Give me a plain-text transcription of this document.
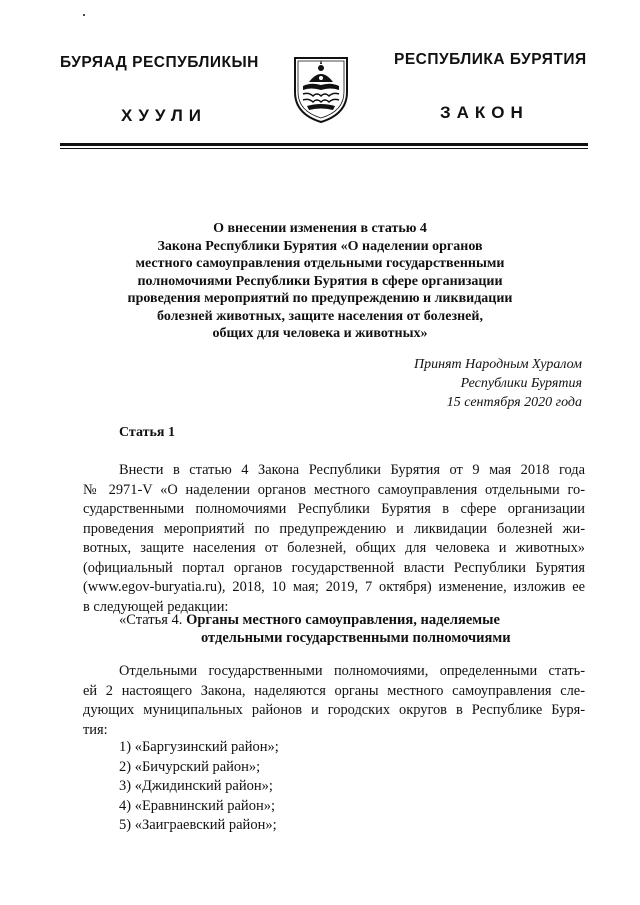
БУРЯАД РЕСПУБЛИКЫН
ХУУЛИ
РЕСПУБЛИКА БУРЯТИЯ
ЗАКОН
О внесении изменения в статью 4
Закона Республики Бурятия «О наделении органов
местного самоуправления отдельными государственными
полномочиями Республики Бурятия в сфере организации
проведения мероприятий по предупреждению и ликвидации
болезней животных, защите населения от болезней,
общих для человека и животных»
Принят Народным Хуралом
Республики Бурятия
15 сентября 2020 года
Статья 1
Внести в статью 4 Закона Республики Бурятия от 9 мая 2018 года
№ 2971-V «О наделении органов местного самоуправления отдельными го-
сударственными полномочиями Республики Бурятия в сфере организации
проведения мероприятий по предупреждению и ликвидации болезней жи-
вотных, защите населения от болезней, общих для человека и животных»
(официальный портал органов государственной власти Республики Бурятия
(www.egov-buryatia.ru), 2018, 10 мая; 2019, 7 октября) изменение, изложив ее
в следующей редакции:
«Статья 4. Органы местного самоуправления, наделяемые
отдельными государственными полномочиями
Отдельными государственными полномочиями, определенными стать-
ей 2 настоящего Закона, наделяются органы местного самоуправления сле-
дующих муниципальных районов и городских округов в Республике Буря-
тия:
1) «Баргузинский район»;
2) «Бичурский район»;
3) «Джидинский район»;
4) «Еравнинский район»;
5) «Заиграевский район»;
